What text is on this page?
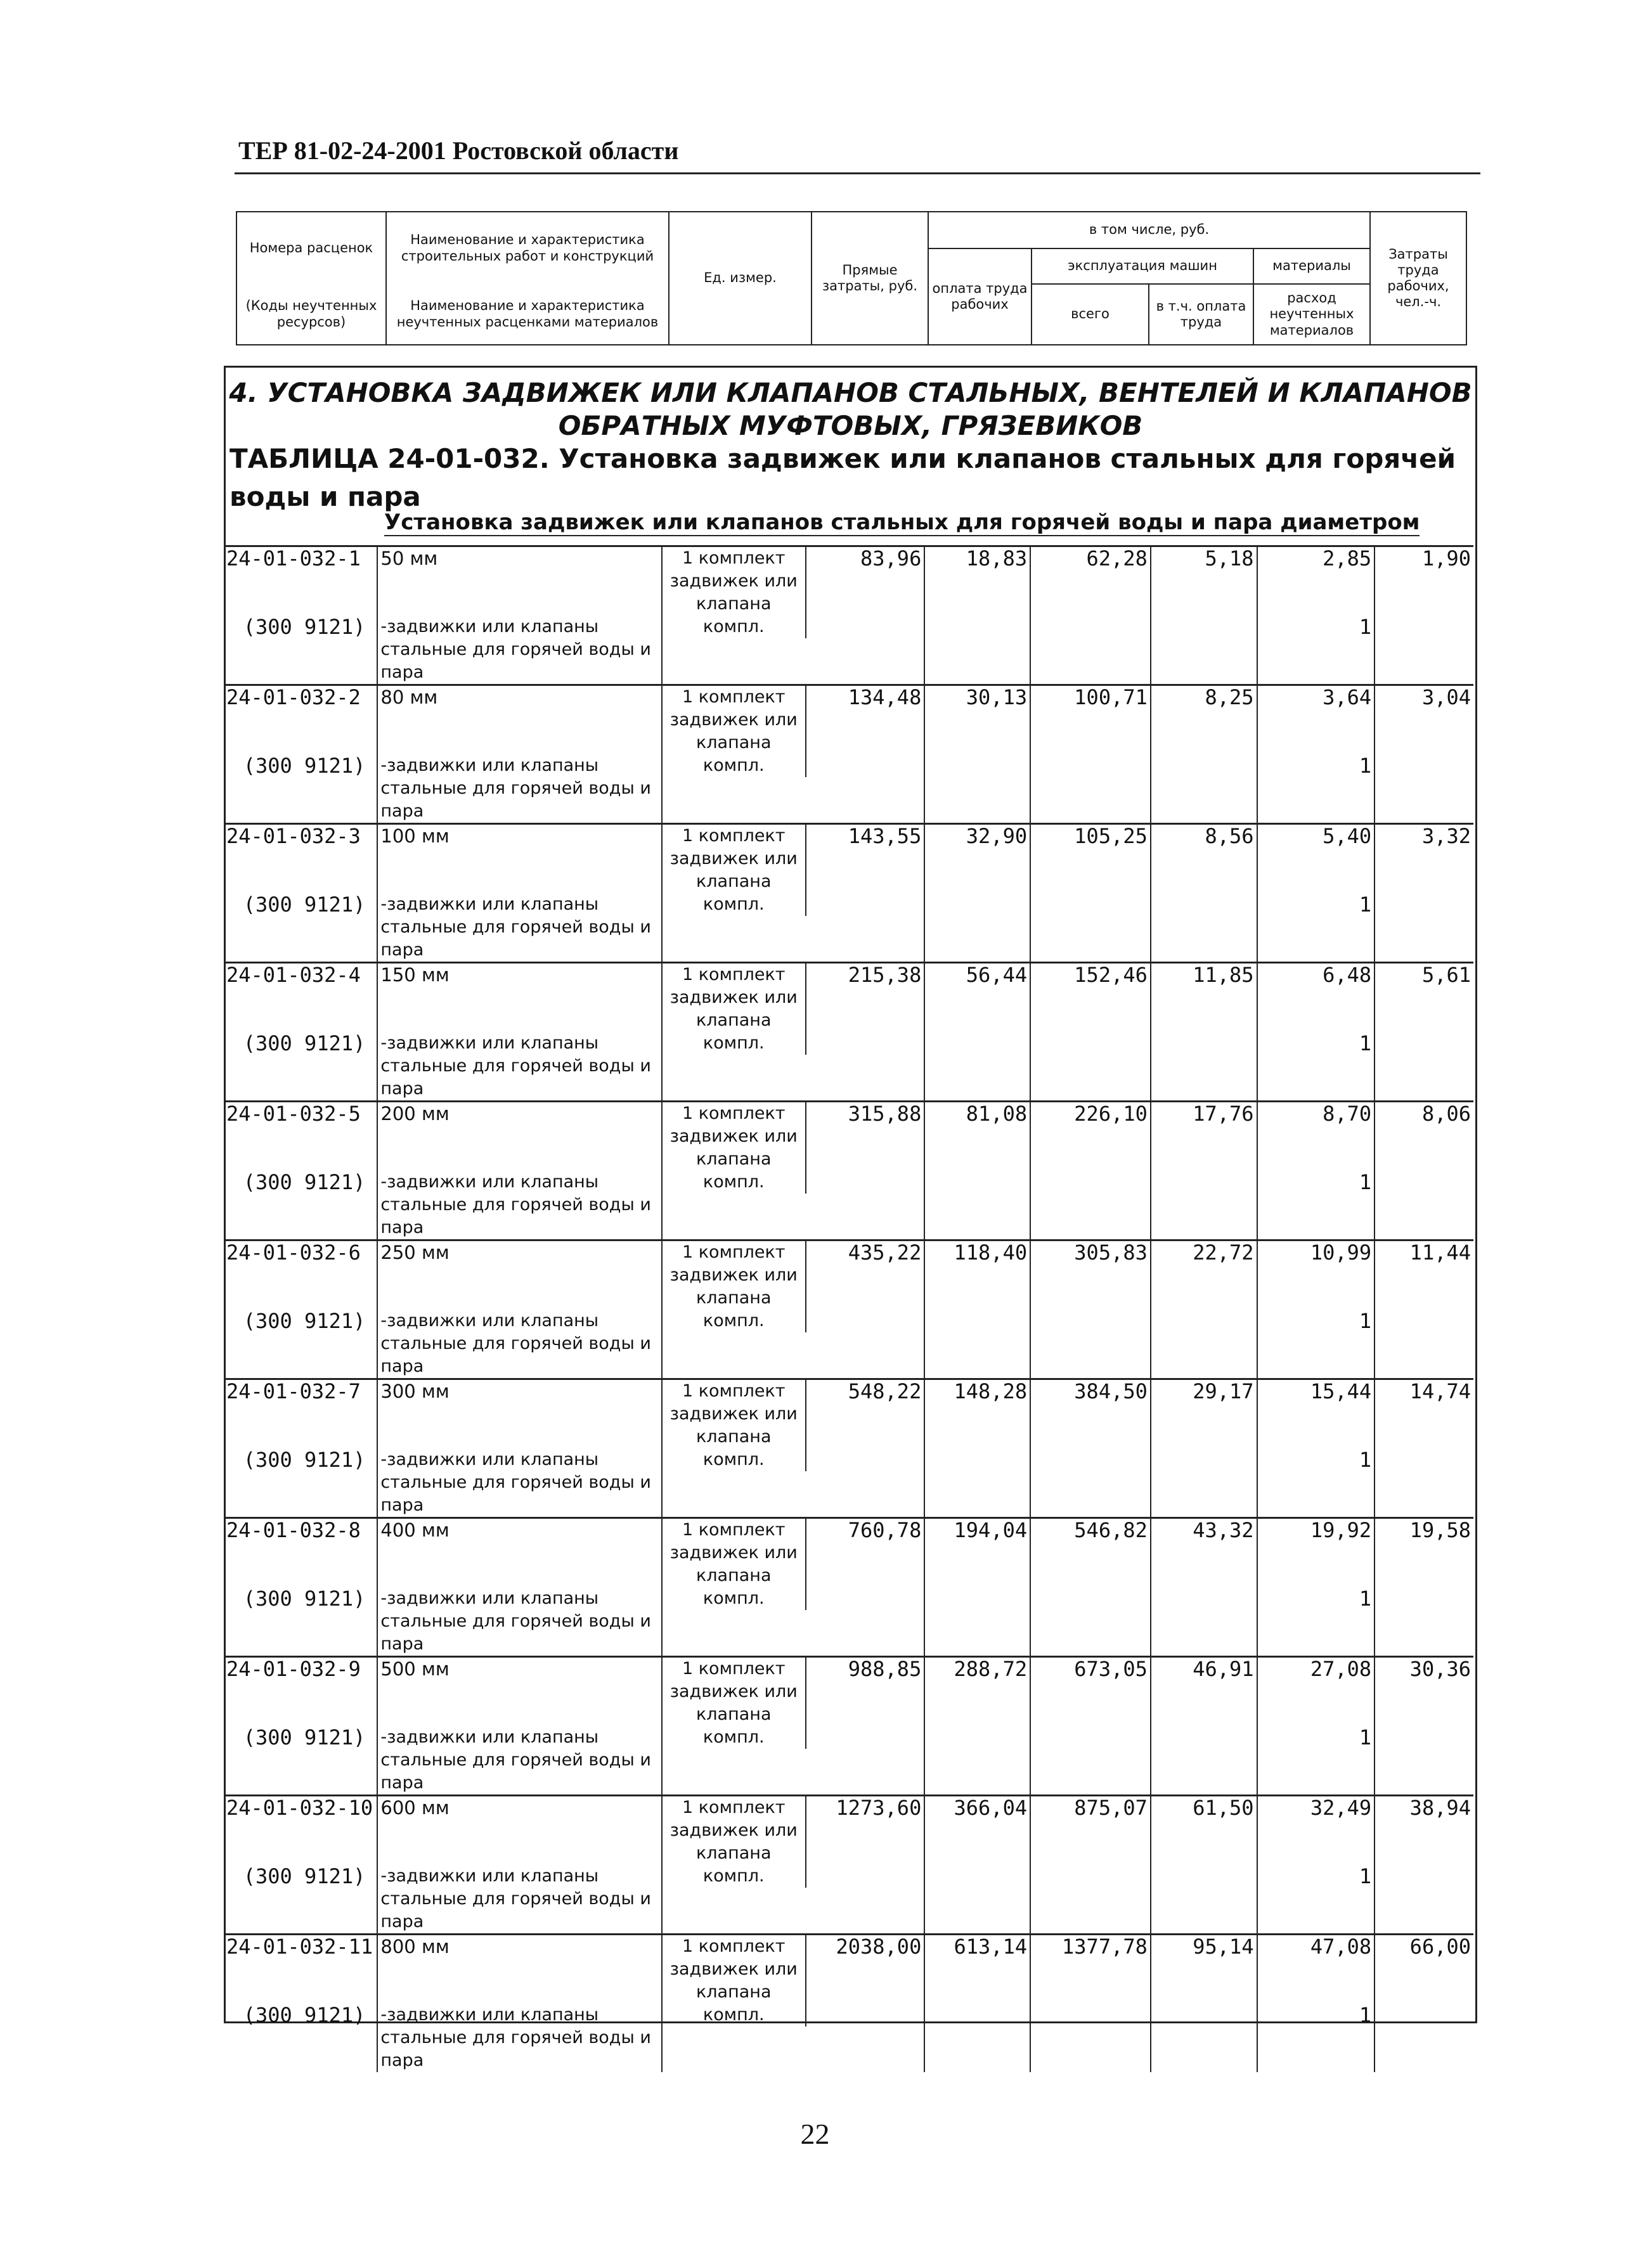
ТЕР 81-02-24-2001 Ростовской области
Номера расценок	Наименование и характеристика строительных работ и конструкций	Ед. измер.	Прямые затраты, руб.	в том числе, руб.				Затраты труда рабочих, чел.-ч.
				оплата труда рабочих	эксплуатация машин		материалы	
(Коды неучтенных ресурсов)	Наименование и характеристика неучтенных расценками материалов				всего	в т.ч. оплата труда	расход неучтенных материалов	

4. УСТАНОВКА ЗАДВИЖЕК ИЛИ КЛАПАНОВ СТАЛЬНЫХ, ВЕНТЕЛЕЙ И КЛАПАНОВ ОБРАТНЫХ МУФТОВЫХ, ГРЯЗЕВИКОВ
ТАБЛИЦА 24-01-032. Установка задвижек или клапанов стальных для горячей воды и пара
Установка задвижек или клапанов стальных для горячей воды и пара диаметром
24-01-032-1	50 мм	1 комплект задвижек или клапана	83,96	18,83	62,28	5,18	2,85	1,90

(300 9121)	-задвижки или клапаны стальные для горячей воды и пара	компл.					1	

24-01-032-2	80 мм	1 комплект задвижек или клапана	134,48	30,13	100,71	8,25	3,64	3,04

(300 9121)	-задвижки или клапаны стальные для горячей воды и пара	компл.					1	

24-01-032-3	100 мм	1 комплект задвижек или клапана	143,55	32,90	105,25	8,56	5,40	3,32

(300 9121)	-задвижки или клапаны стальные для горячей воды и пара	компл.					1	

24-01-032-4	150 мм	1 комплект задвижек или клапана	215,38	56,44	152,46	11,85	6,48	5,61

(300 9121)	-задвижки или клапаны стальные для горячей воды и пара	компл.					1	

24-01-032-5	200 мм	1 комплект задвижек или клапана	315,88	81,08	226,10	17,76	8,70	8,06

(300 9121)	-задвижки или клапаны стальные для горячей воды и пара	компл.					1	

24-01-032-6	250 мм	1 комплект задвижек или клапана	435,22	118,40	305,83	22,72	10,99	11,44

(300 9121)	-задвижки или клапаны стальные для горячей воды и пара	компл.					1	

24-01-032-7	300 мм	1 комплект задвижек или клапана	548,22	148,28	384,50	29,17	15,44	14,74

(300 9121)	-задвижки или клапаны стальные для горячей воды и пара	компл.					1	

24-01-032-8	400 мм	1 комплект задвижек или клапана	760,78	194,04	546,82	43,32	19,92	19,58

(300 9121)	-задвижки или клапаны стальные для горячей воды и пара	компл.					1	

24-01-032-9	500 мм	1 комплект задвижек или клапана	988,85	288,72	673,05	46,91	27,08	30,36

(300 9121)	-задвижки или клапаны стальные для горячей воды и пара	компл.					1	

24-01-032-10	600 мм	1 комплект задвижек или клапана	1273,60	366,04	875,07	61,50	32,49	38,94

(300 9121)	-задвижки или клапаны стальные для горячей воды и пара	компл.					1	

24-01-032-11	800 мм	1 комплект задвижек или клапана	2038,00	613,14	1377,78	95,14	47,08	66,00

(300 9121)	-задвижки или клапаны стальные для горячей воды и пара	компл.					1	

22
